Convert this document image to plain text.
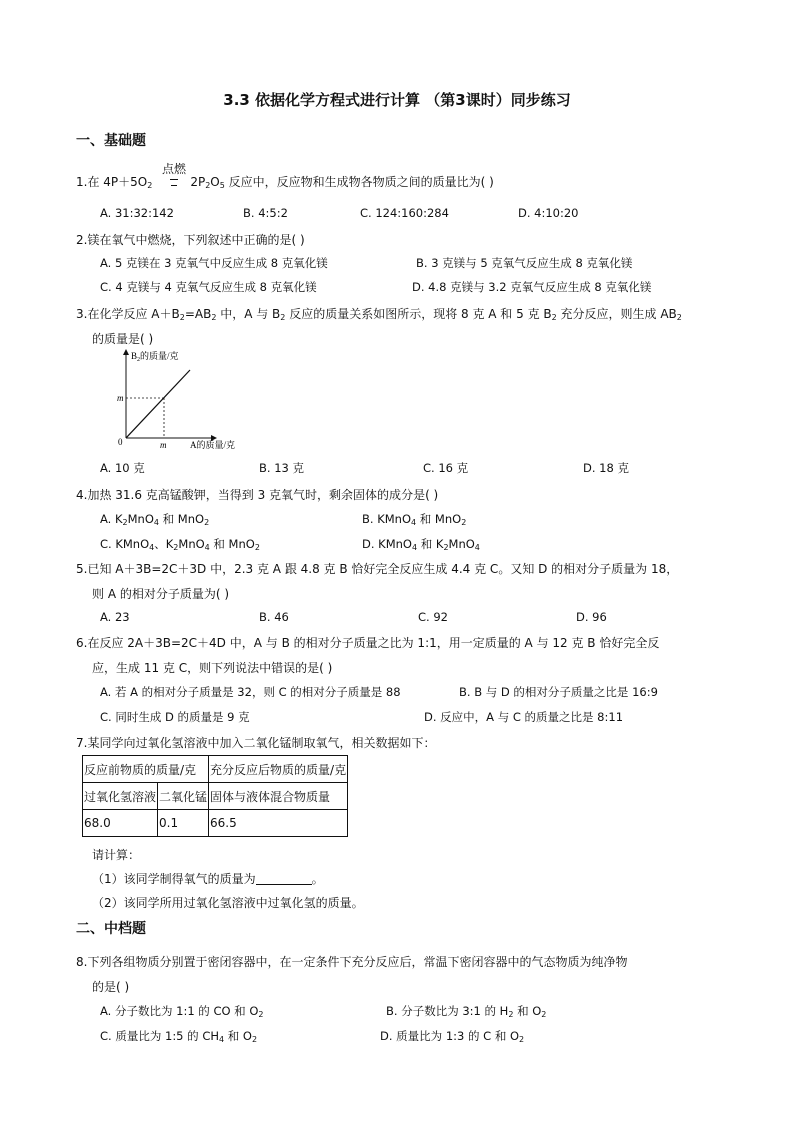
3.3 依据化学方程式进行计算 （第3课时）同步练习
一、基础题
点燃
1.在 $4P+5O_2$	$2P_2O_5$ 反应中，反应物和生成物各物质之间的质量比为( )
A. 31:32:142	B. 4:5:2	C. 124:160:284	D. 4:10:20
2.镁在氧气中燃烧，下列叙述中正确的是( )
A. 5 克镁在 3 克氧气中反应生成 8 克氧化镁	B. 3 克镁与 5 克氧气反应生成 8 克氧化镁
C. 4 克镁与 4 克氧气反应生成 8 克氧化镁	D. 4.8 克镁与 3.2 克氧气反应生成 8 克氧化镁
3.在化学反应 $A+B_2=AB_2$ 中，A 与 $B_2$ 反应的质量关系如图所示，现将 8 克 A 和 5 克 $B_2$ 充分反应，则生成 $AB_2$
的质量是( )
$B_2$的质量/克
A的质量/克
0
m
m
A. 10 克	B. 13 克	C. 16 克	D. 18 克
4.加热 31.6 克高锰酸钾，当得到 3 克氧气时，剩余固体的成分是( )
A. $K_2MnO_4$ 和 MnO$_2$	B. KMnO$_4$ 和 MnO$_2$
C. KMnO$_4$、$K_2MnO_4$ 和 MnO$_2$	D. KMnO$_4$ 和 $K_2MnO_4$
5.已知 A＋3B=2C＋3D 中，2.3 克 A 跟 4.8 克 B 恰好完全反应生成 4.4 克 C。又知 D 的相对分子质量为 18，
则 A 的相对分子质量为( )
A. 23	B. 46	C. 92	D. 96
6.在反应 2A＋3B=2C＋4D 中，A 与 B 的相对分子质量之比为 1:1，用一定质量的 A 与 12 克 B 恰好完全反
应，生成 11 克 C，则下列说法中错误的是( )
A. 若 A 的相对分子质量是 32，则 C 的相对分子质量是 88	B. B 与 D 的相对分子质量之比是 16:9
C. 同时生成 D 的质量是 9 克	D. 反应中，A 与 C 的质量之比是 8:11
7.某同学向过氧化氢溶液中加入二氧化锰制取氧气，相关数据如下：
反应前物质的质量/克		充分反应后物质的质量/克
过氧化氢溶液	二氧化锰	固体与液体混合物质量
68.0	0.1	66.5
请计算：
（1）该同学制得氧气的质量为	。
（2）该同学所用过氧化氢溶液中过氧化氢的质量。
二、中档题
8.下列各组物质分别置于密闭容器中，在一定条件下充分反应后，常温下密闭容器中的气态物质为纯净物
的是( )
A. 分子数比为 1:1 的 CO 和 $O_2$	B. 分子数比为 3:1 的 $H_2$ 和 $O_2$
C. 质量比为 1:5 的 $CH_4$ 和 $O_2$	D. 质量比为 1:3 的 C 和 $O_2$
